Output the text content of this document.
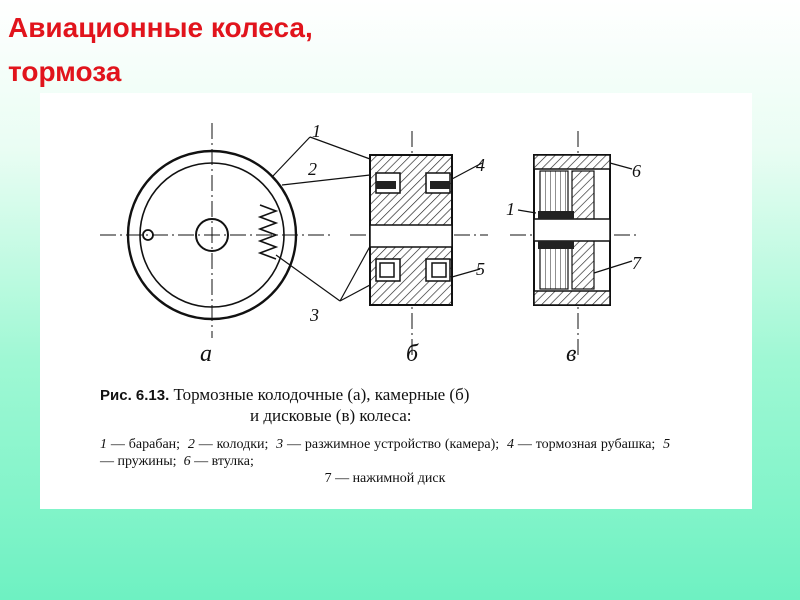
Авиационные колеса,
тормоза
1
2
3
4
5
6
1
7
а	б	в
Рис. 6.13. Тормозные колодочные (а), камерные (б)
и дисковые (в) колеса:
1 — барабан; 2 — колодки; 3 — разжимное устройство (камера); 4 — тормозная рубашка; 5 — пружины; 6 — втулка;
7 — нажимной диск
